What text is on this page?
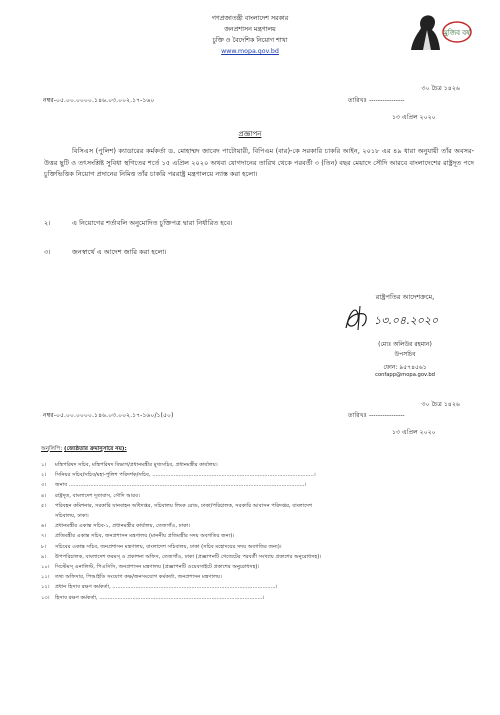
গণপ্রজাতন্ত্রী বাংলাদেশ সরকার
জনপ্রশাসন মন্ত্রণালয়
চুক্তি ও বৈদেশিক নিয়োগ শাখা
www.mopa.gov.bd
মুজিব বর্ষ
৩০ চৈত্র ১৪২৬
নম্বর-০৫.০০.০০০০.১৪৬.০৩.০০২.১৭-১৬০	তারিখঃ ----------------
১৩ এপ্রিল ২০২০
প্রজ্ঞাপন
বিসিএস (পুলিশ) ক্যাডারের কর্মকর্তা ড. মোহাম্মদ জাবেদ পাটোয়ারী, বিপিএম (বার)-কে সরকারি চাকরি আইন, ২০১৮ এর ৪৯ ধারা অনুযায়ী তাঁর অবসর-উত্তর ছুটি ও তৎসংশ্লিষ্ট সুবিধা স্থগিতের শর্তে ১৫ এপ্রিল ২০২০ অথবা যোগদানের তারিখ থেকে পরবর্তী ৩ (তিন) বছর মেয়াদে সৌদি আরবে বাংলাদেশের রাষ্ট্রদূত পদে চুক্তিভিত্তিক নিয়োগ প্রদানের নিমিত্ত তাঁর চাকরি পররাষ্ট্র মন্ত্রণালয়ে ন্যাস্ত করা হলো।
২।	এ নিয়োগের শর্তাবলি অনুমোদিত চুক্তিপত্র দ্বারা নির্ধারিত হবে।
৩।	জনস্বার্থে এ আদেশ জারি করা হলো।
রাষ্ট্রপতির আদেশক্রমে,
১৩.০৪.২০২০
(মোঃ অলিউর রহমান)
উপসচিব
ফোন: ৯৫৭৪৫৬১
confapp@mopa.gov.bd
৩০ চৈত্র ১৪২৬
নম্বর-০৫.০০.০০০০.১৪৬.০৩.০০২.১৭-১৬০/১(৫০)	তারিখঃ ----------------
১৩ এপ্রিল ২০২০
অনুলিপি: (জ্যেষ্ঠতার ক্রমানুসারে নয়):
১। মন্ত্রিপরিষদ সচিব, মন্ত্রিপরিষদ বিভাগ/প্রধানমন্ত্রীর মুখ্যসচিব, প্রধানমন্ত্রীর কার্যালয়।
২। সিনিয়র সচিব/সচিব/মহা-পুলিশ পরিদর্শক/সচিব, ..................................................................................................।
৩। জনাব ...............................................................................................................................................।
৪। রাষ্ট্রদূত, বাংলাদেশ দূতাবাস, সৌদি আরব।
৫। পরিবহন কমিশনার, সরকারি যানবাহন অধিদপ্তর, সচিবালয় লিংক রোড, ঢাকা/পরিচালক, সরকারি আবাসন পরিদপ্তর, বাংলাদেশ
সচিবালয়, ঢাকা।
৬। প্রধানমন্ত্রীর একান্ত সচিব-১, প্রধানমন্ত্রীর কার্যালয়, তেজগাঁও, ঢাকা।
৭। প্রতিমন্ত্রীর একান্ত সচিব, জনপ্রশাসন মন্ত্রণালয় (মাননীয় প্রতিমন্ত্রীর সদয় অবগতির জন্য)।
৮। সচিবের একান্ত সচিব, জনপ্রশাসন মন্ত্রণালয়, বাংলাদেশ সচিবালয়, ঢাকা (সচিব মহোদয়ের সদয় অবগতির জন্য)।
৯। উপপরিচালক, বাংলাদেশ ফরমস্ ও প্রকাশনা অফিস, তেজগাঁও, ঢাকা (প্রজ্ঞাপনটি গেজেটের পরবর্তী সংখ্যায় প্রকাশের অনুরোধসহ)।
১০। সিস্টেমস্ এনালিস্ট, পিএসিসি, জনপ্রশাসন মন্ত্রণালয় (প্রজ্ঞাপনটি ওয়েবসাইটে প্রকাশের অনুরোধসহ)।
১১। তথ্য অফিসার, পিআইডি সংযোগ কক্ষ/জনসংযোগ কর্মকর্তা, জনপ্রশাসন মন্ত্রণালয়।
১২। প্রধান হিসাব রক্ষণ কর্মকর্তা, ...................................................................................................।
১৩। হিসাব রক্ষণ কর্মকর্তা, ...................................................................................................।
